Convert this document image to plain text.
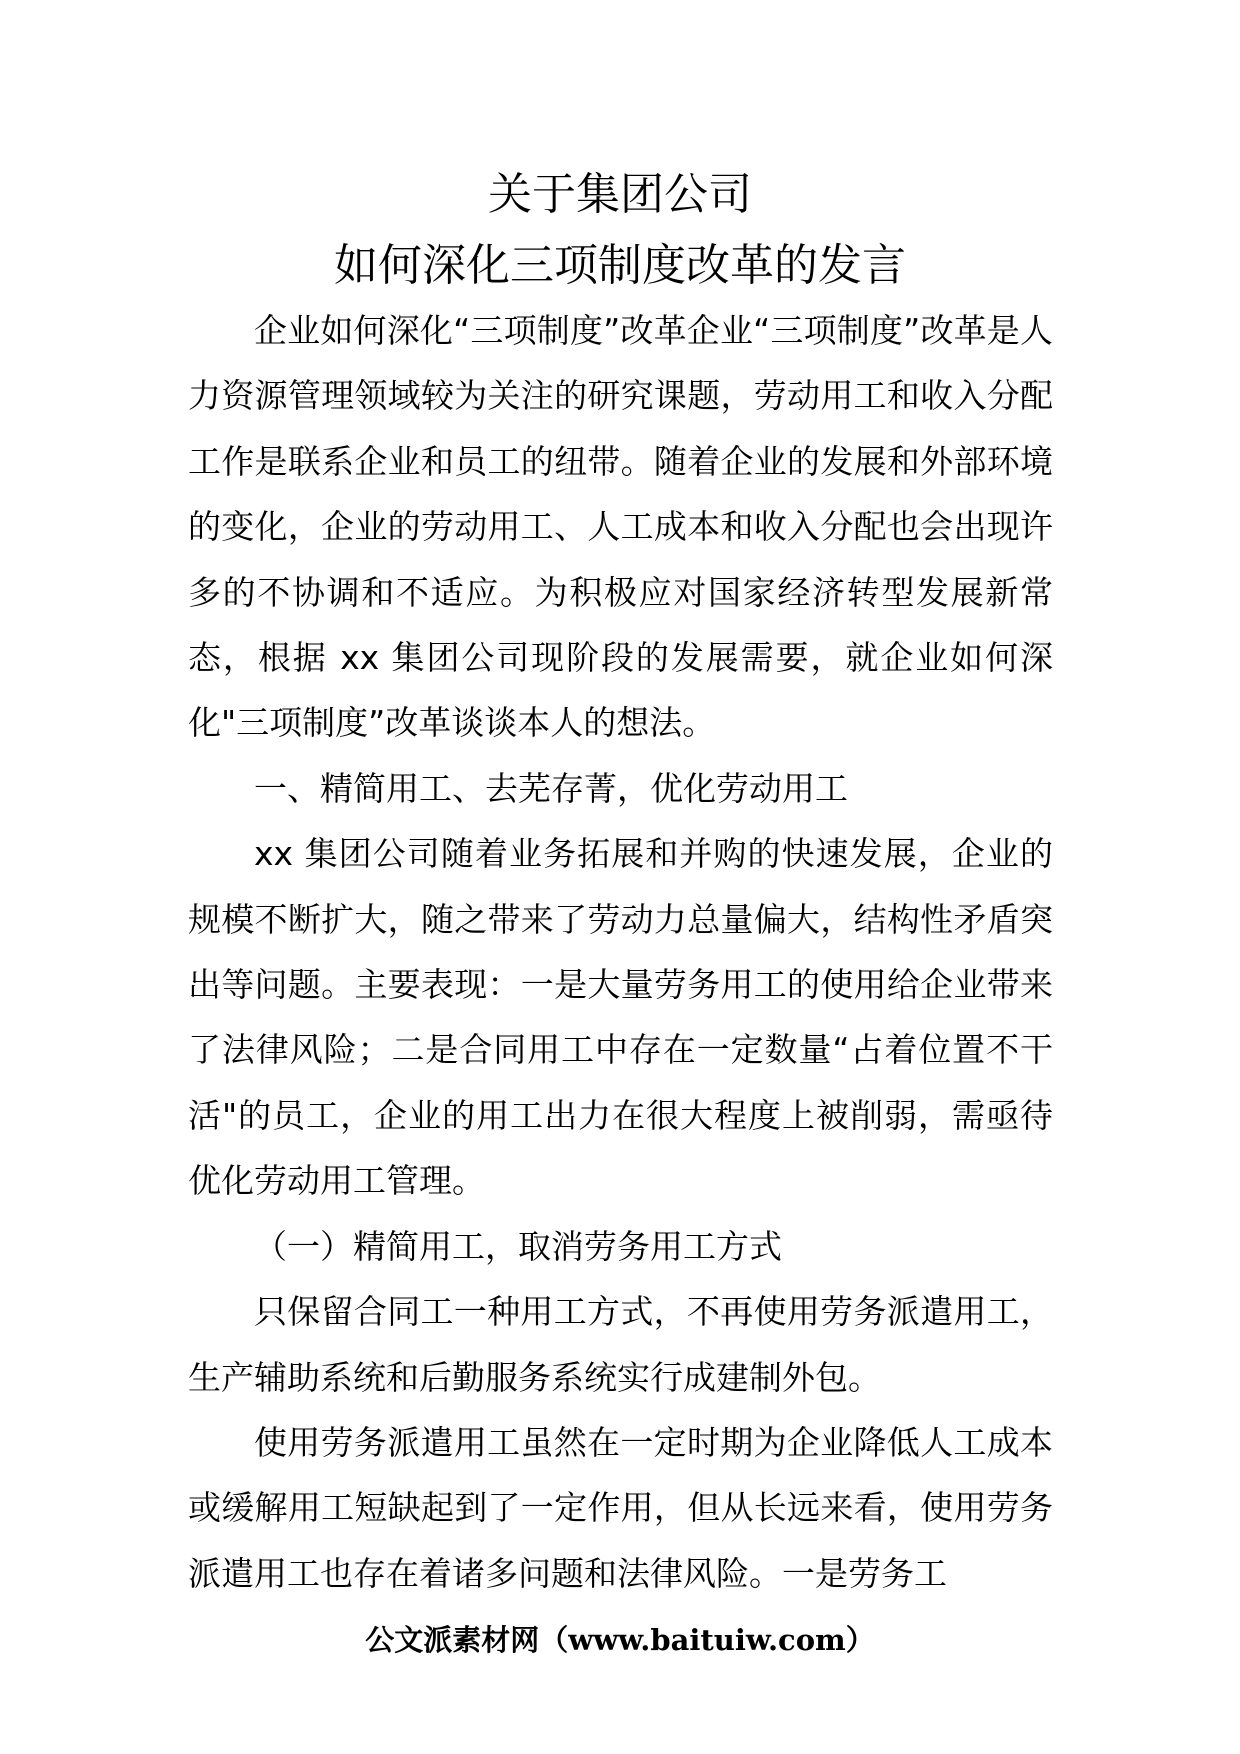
关于集团公司
如何深化三项制度改革的发言

企业如何深化“三项制度”改革企业“三项制度”改革是人力资源管理领域较为关注的研究课题，劳动用工和收入分配工作是联系企业和员工的纽带。随着企业的发展和外部环境的变化，企业的劳动用工、人工成本和收入分配也会出现许多的不协调和不适应。为积极应对国家经济转型发展新常态，根据 xx 集团公司现阶段的发展需要，就企业如何深化"三项制度”改革谈谈本人的想法。

一、精简用工、去芜存菁，优化劳动用工

xx 集团公司随着业务拓展和并购的快速发展，企业的规模不断扩大，随之带来了劳动力总量偏大，结构性矛盾突出等问题。主要表现：一是大量劳务用工的使用给企业带来了法律风险；二是合同用工中存在一定数量“占着位置不干活"的员工，企业的用工出力在很大程度上被削弱，需亟待优化劳动用工管理。

（一）精简用工，取消劳务用工方式

只保留合同工一种用工方式，不再使用劳务派遣用工，生产辅助系统和后勤服务系统实行成建制外包。

使用劳务派遣用工虽然在一定时期为企业降低人工成本或缓解用工短缺起到了一定作用，但从长远来看，使用劳务派遣用工也存在着诸多问题和法律风险。一是劳务工

公文派素材网（www.baituiw.com）
